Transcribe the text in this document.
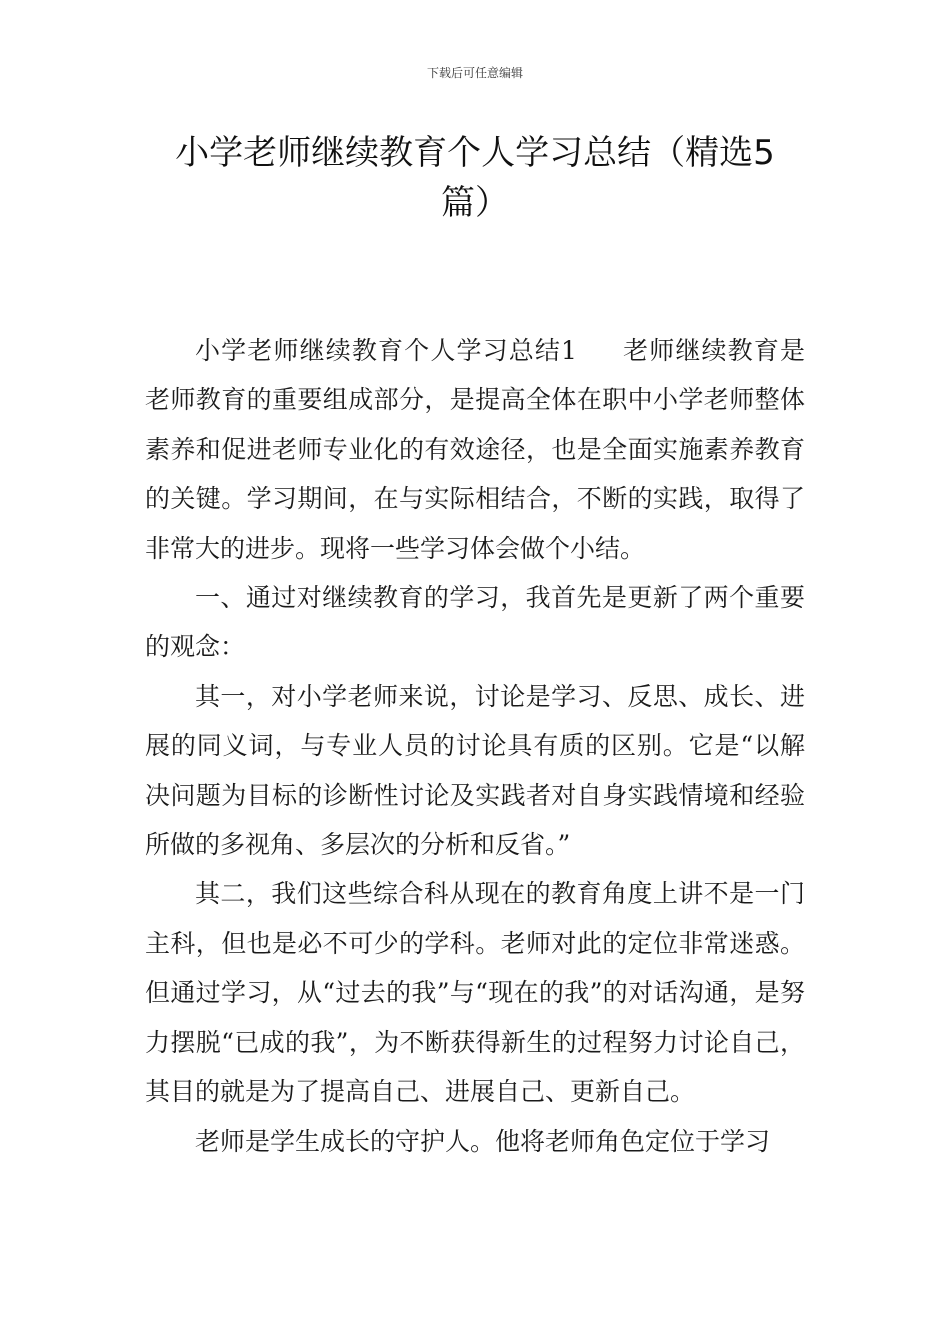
下载后可任意编辑
小学老师继续教育个人学习总结（精选5篇）

小学老师继续教育个人学习总结1 老师继续教育是老师教育的重要组成部分，是提高全体在职中小学老师整体素养和促进老师专业化的有效途径，也是全面实施素养教育的关键。学习期间，在与实际相结合，不断的实践，取得了非常大的进步。现将一些学习体会做个小结。

一、通过对继续教育的学习，我首先是更新了两个重要的观念：

其一，对小学老师来说，讨论是学习、反思、成长、进展的同义词，与专业人员的讨论具有质的区别。它是“以解决问题为目标的诊断性讨论及实践者对自身实践情境和经验所做的多视角、多层次的分析和反省。”

其二，我们这些综合科从现在的教育角度上讲不是一门主科，但也是必不可少的学科。老师对此的定位非常迷惑。但通过学习，从“过去的我”与“现在的我”的对话沟通，是努力摆脱“已成的我”，为不断获得新生的过程努力讨论自己，其目的就是为了提高自己、进展自己、更新自己。

老师是学生成长的守护人。他将老师角色定位于学习
